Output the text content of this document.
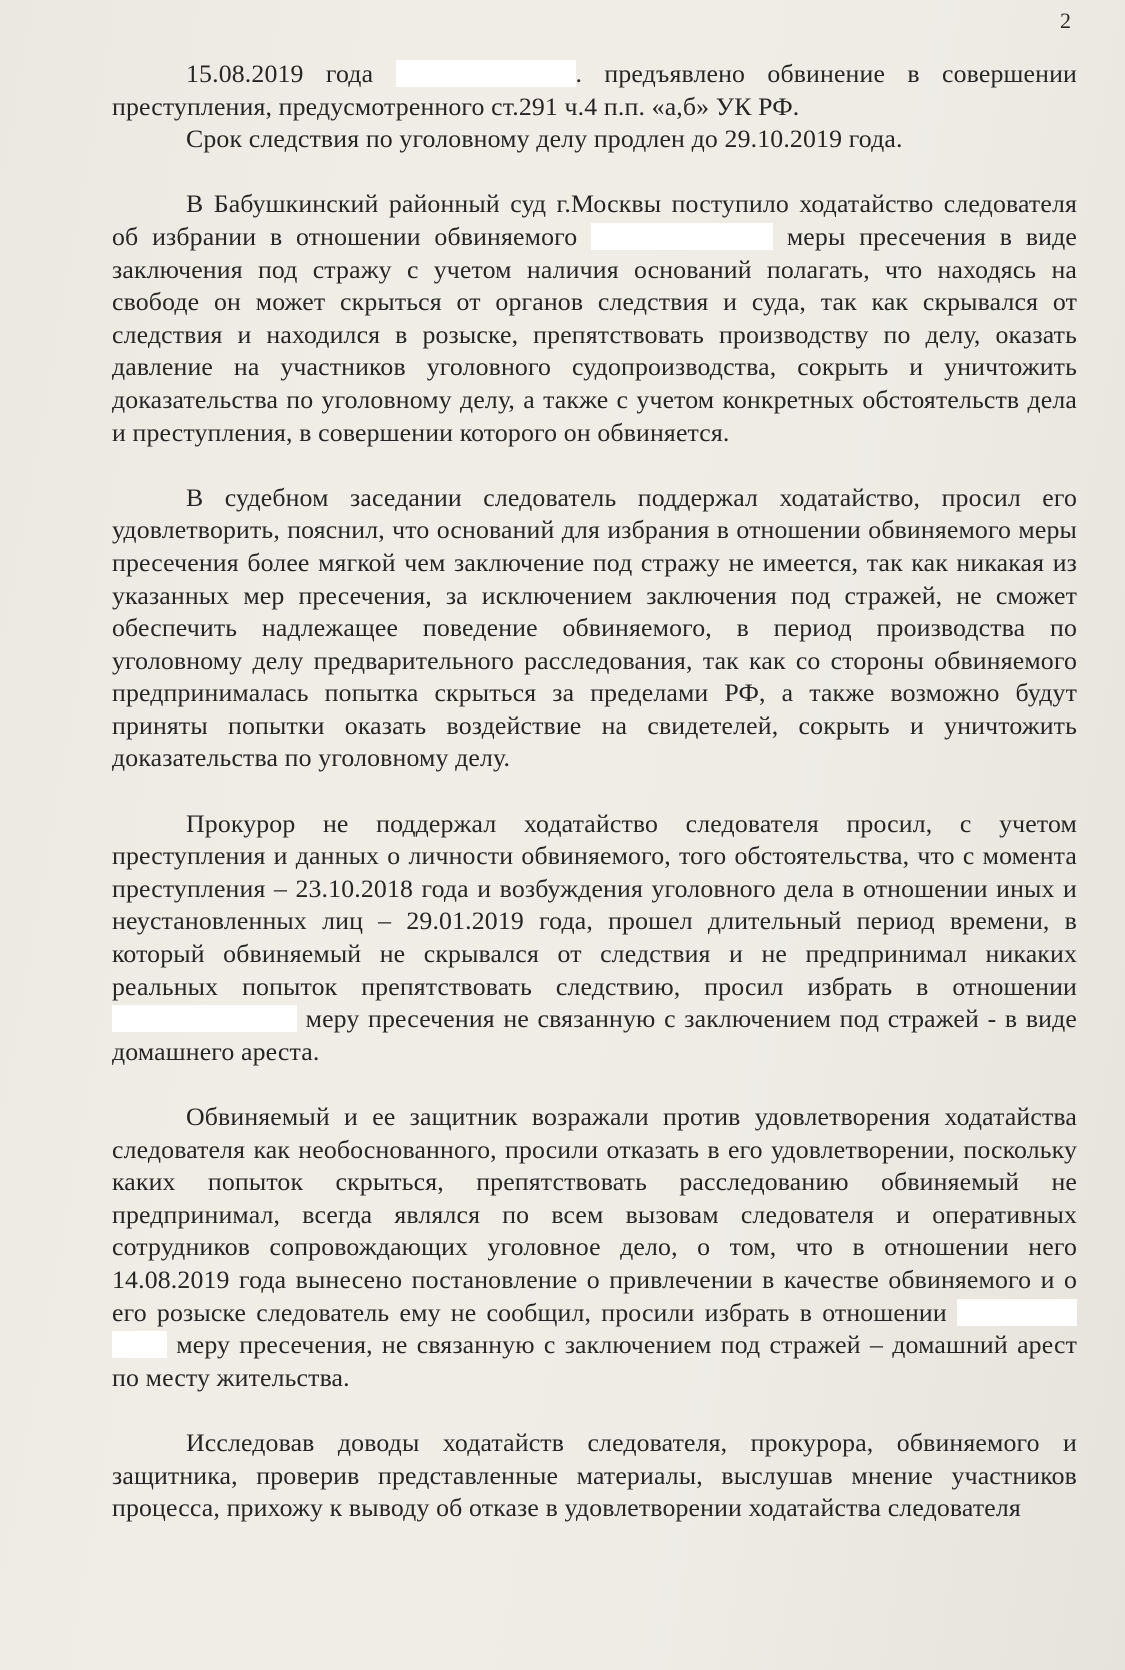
2

15.08.2019 года	. предъявлено обвинение в совершении преступления, предусмотренного ст.291 ч.4 п.п. «а,б» УК РФ.

Срок следствия по уголовному делу продлен до 29.10.2019 года.

В Бабушкинский районный суд г.Москвы поступило ходатайство следователя об избрании в отношении обвиняемого	меры пресечения в виде заключения под стражу с учетом наличия оснований полагать, что находясь на свободе он может скрыться от органов следствия и суда, так как скрывался от следствия и находился в розыске, препятствовать производству по делу, оказать давление на участников уголовного судопроизводства, сокрыть и уничтожить доказательства по уголовному делу, а также с учетом конкретных обстоятельств дела и преступления, в совершении которого он обвиняется.

В судебном заседании следователь поддержал ходатайство, просил его удовлетворить, пояснил, что оснований для избрания в отношении обвиняемого меры пресечения более мягкой чем заключение под стражу не имеется, так как никакая из указанных мер пресечения, за исключением заключения под стражей, не сможет обеспечить надлежащее поведение обвиняемого, в период производства по уголовному делу предварительного расследования, так как со стороны обвиняемого предпринималась попытка скрыться за пределами РФ, а также возможно будут приняты попытки оказать воздействие на свидетелей, сокрыть и уничтожить доказательства по уголовному делу.

Прокурор не поддержал ходатайство следователя просил, с учетом преступления и данных о личности обвиняемого, того обстоятельства, что с момента преступления – 23.10.2018 года и возбуждения уголовного дела в отношении иных и неустановленных лиц – 29.01.2019 года, прошел длительный период времени, в который обвиняемый не скрывался от следствия и не предпринимал никаких реальных попыток препятствовать следствию, просил избрать в отношении  меру пресечения не связанную с заключением под стражей - в виде домашнего ареста.

Обвиняемый и ее защитник возражали против удовлетворения ходатайства следователя как необоснованного, просили отказать в его удовлетворении, поскольку каких попыток скрыться, препятствовать расследованию обвиняемый не предпринимал, всегда являлся по всем вызовам следователя и оперативных сотрудников сопровождающих уголовное дело, о том, что в отношении него 14.08.2019 года вынесено постановление о привлечении в качестве обвиняемого и о его розыске следователь ему не сообщил, просили избрать в отношении   меру пресечения, не связанную с заключением под стражей – домашний арест по месту жительства.

Исследовав доводы ходатайств следователя, прокурора, обвиняемого и защитника, проверив представленные материалы, выслушав мнение участников процесса, прихожу к выводу об отказе в удовлетворении ходатайства следователя
